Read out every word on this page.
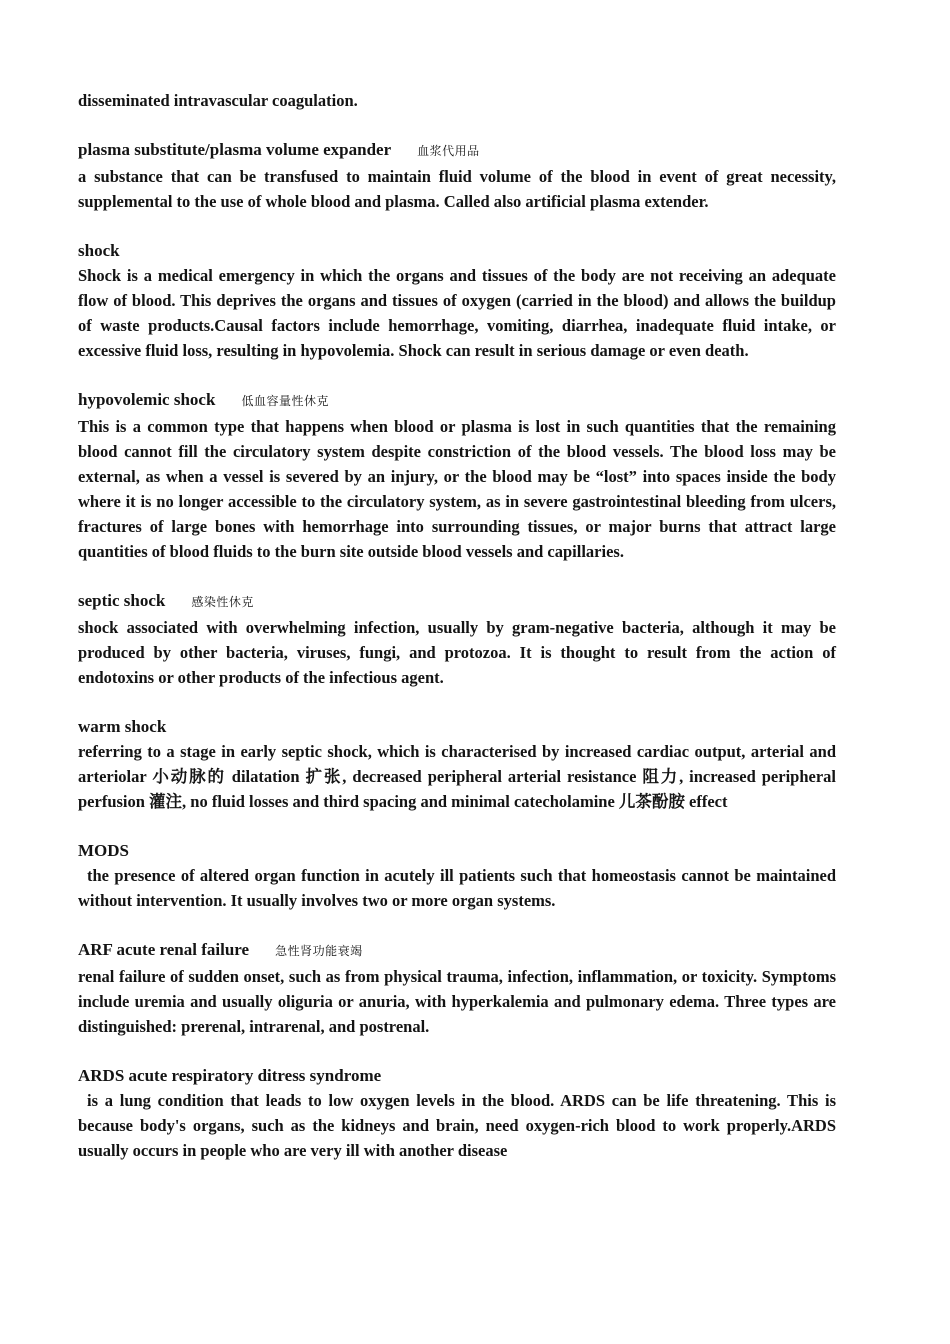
disseminated intravascular coagulation.

plasma substitute/plasma volume expander 血浆代用品

a substance that can be transfused to maintain fluid volume of the blood in event of great necessity, supplemental to the use of whole blood and plasma. Called also artificial plasma extender.

shock

Shock is a medical emergency in which the organs and tissues of the body are not receiving an adequate flow of blood. This deprives the organs and tissues of oxygen (carried in the blood) and allows the buildup of waste products.Causal factors include hemorrhage, vomiting, diarrhea, inadequate fluid intake, or excessive fluid loss, resulting in hypovolemia. Shock can result in serious damage or even death.

hypovolemic shock 低血容量性休克

This is a common type that happens when blood or plasma is lost in such quantities that the remaining blood cannot fill the circulatory system despite constriction of the blood vessels. The blood loss may be external, as when a vessel is severed by an injury, or the blood may be “lost” into spaces inside the body where it is no longer accessible to the circulatory system, as in severe gastrointestinal bleeding from ulcers, fractures of large bones with hemorrhage into surrounding tissues, or major burns that attract large quantities of blood fluids to the burn site outside blood vessels and capillaries.

septic shock 感染性休克

shock associated with overwhelming infection, usually by gram-negative bacteria, although it may be produced by other bacteria, viruses, fungi, and protozoa. It is thought to result from the action of endotoxins or other products of the infectious agent.

warm shock

referring to a stage in early septic shock, which is characterised by increased cardiac output, arterial and arteriolar 小动脉的 dilatation 扩张, decreased peripheral arterial resistance 阻力, increased peripheral perfusion 灌注, no fluid losses and third spacing and minimal catecholamine 儿茶酚胺 effect

MODS

the presence of altered organ function in acutely ill patients such that homeostasis cannot be maintained without intervention. It usually involves two or more organ systems.

ARF acute renal failure 急性肾功能衰竭

renal failure of sudden onset, such as from physical trauma, infection, inflammation, or toxicity. Symptoms include uremia and usually oliguria or anuria, with hyperkalemia and pulmonary edema. Three types are distinguished: prerenal, intrarenal, and postrenal.

ARDS acute respiratory ditress syndrome

is a lung condition that leads to low oxygen levels in the blood. ARDS can be life threatening. This is because body's organs, such as the kidneys and brain, need oxygen-rich blood to work properly.ARDS usually occurs in people who are very ill with another disease
